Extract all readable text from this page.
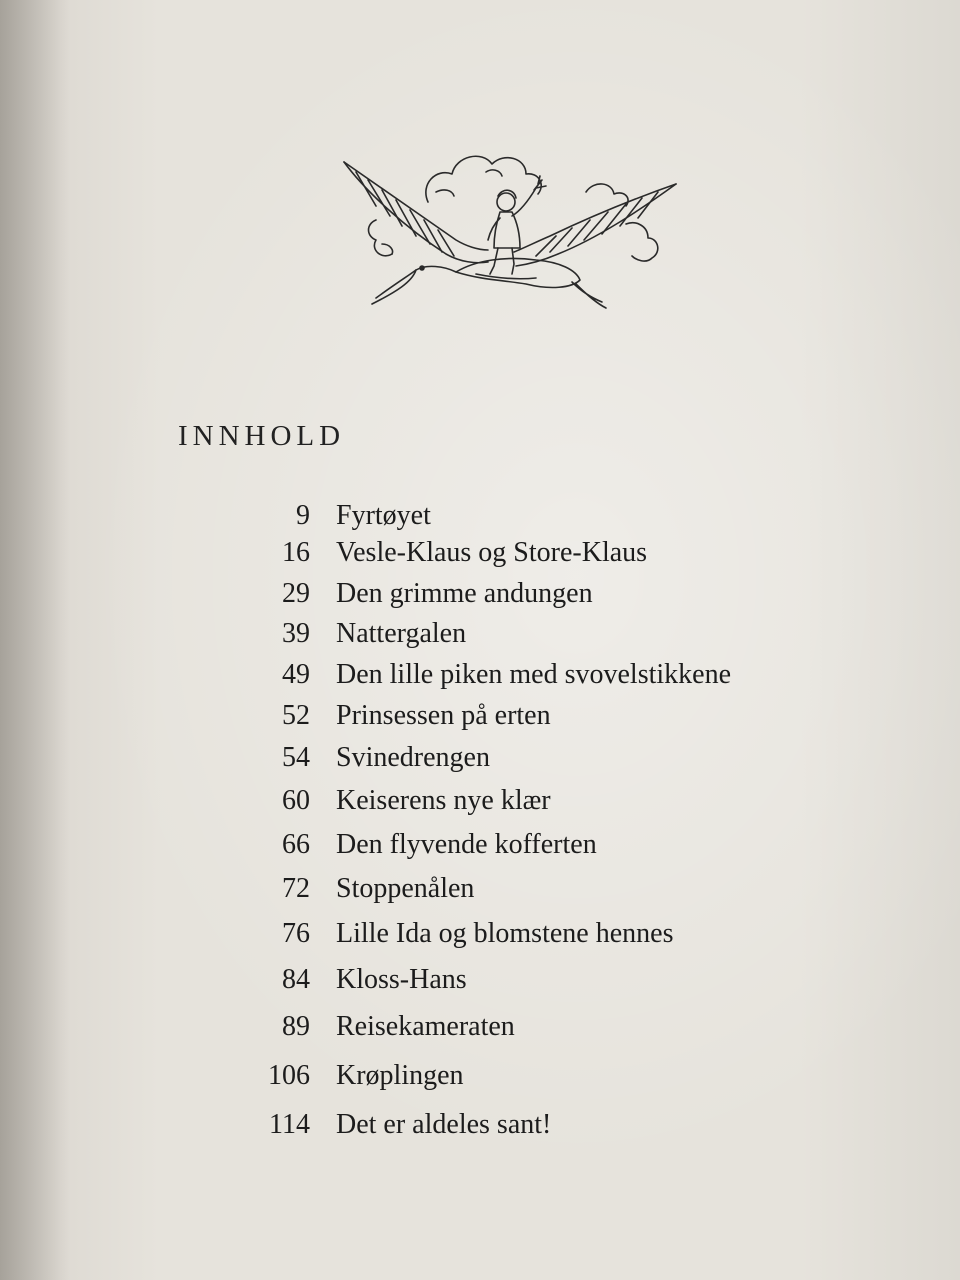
INNHOLD
9 Fyrtøyet
16 Vesle-Klaus og Store-Klaus
29 Den grimme andungen
39 Nattergalen
49 Den lille piken med svovelstikkene
52 Prinsessen på erten
54 Svinedrengen
60 Keiserens nye klær
66 Den flyvende kofferten
72 Stoppenålen
76 Lille Ida og blomstene hennes
84 Kloss-Hans
89 Reisekameraten
106 Krøplingen
114 Det er aldeles sant!
